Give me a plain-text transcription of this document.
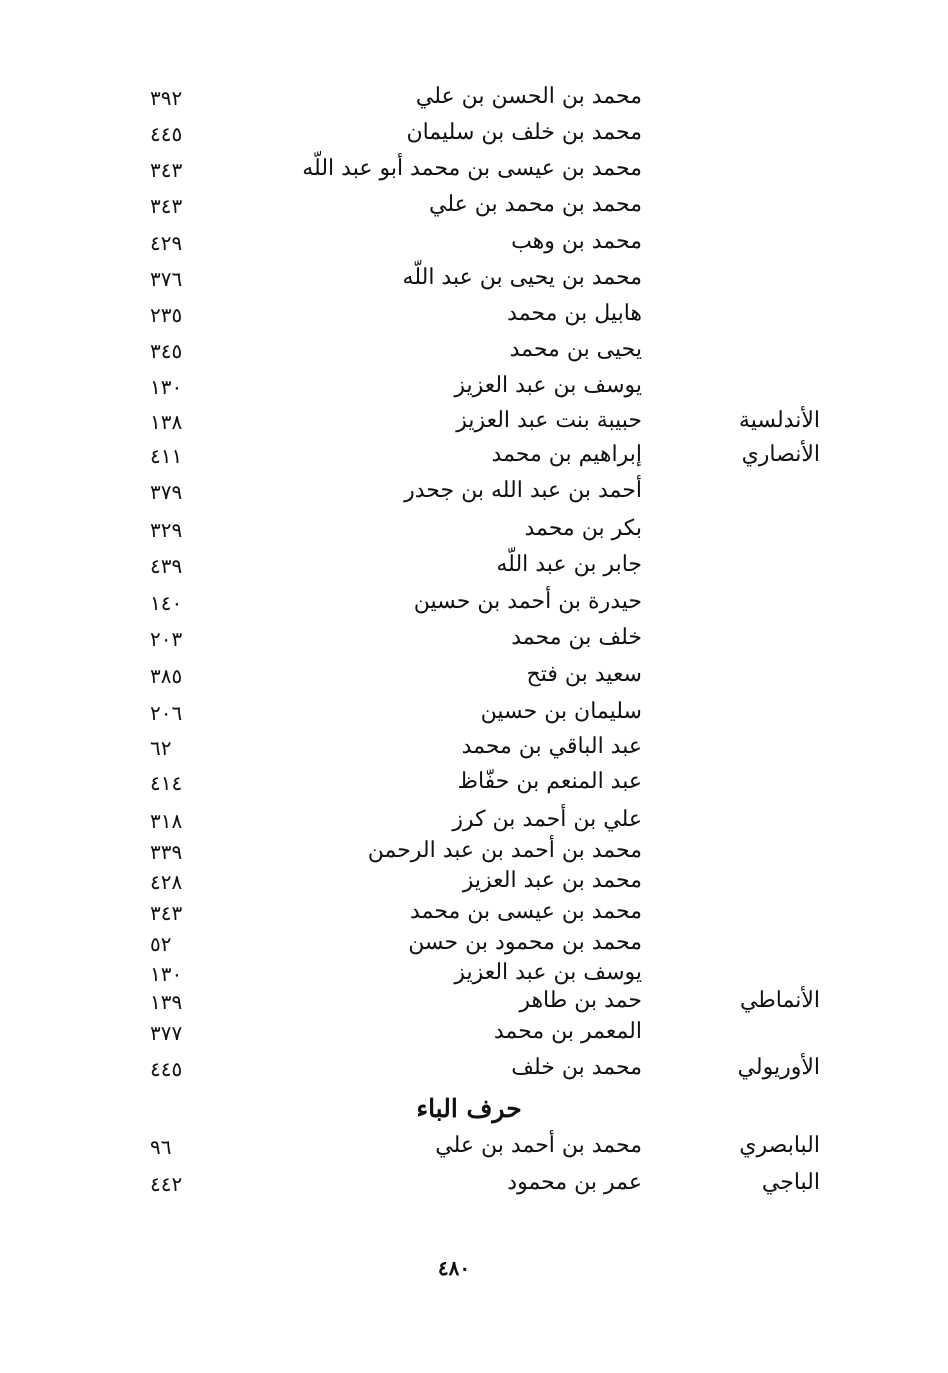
محمد بن الحسن بن علي
٣٩٢
محمد بن خلف بن سليمان
٤٤٥
محمد بن عيسى بن محمد أبو عبد اللّه
٣٤٣
محمد بن محمد بن علي
٣٤٣
محمد بن وهب
٤٢٩
محمد بن يحيى بن عبد اللّه
٣٧٦
هابيل بن محمد
٢٣٥
يحيى بن محمد
٣٤٥
يوسف بن عبد العزيز
١٣٠
الأندلسية
حبيبة بنت عبد العزيز
١٣٨
الأنصاري
إبراهيم بن محمد
٤١١
أحمد بن عبد الله بن جحدر
٣٧٩
بكر بن محمد
٣٢٩
جابر بن عبد اللّه
٤٣٩
حيدرة بن أحمد بن حسين
١٤٠
خلف بن محمد
٢٠٣
سعيد بن فتح
٣٨٥
سليمان بن حسين
٢٠٦
عبد الباقي بن محمد
٦٢
عبد المنعم بن حفّاظ
٤١٤
علي بن أحمد بن كرز
٣١٨
محمد بن أحمد بن عبد الرحمن
٣٣٩
محمد بن عبد العزيز
٤٢٨
محمد بن عيسى بن محمد
٣٤٣
محمد بن محمود بن حسن
٥٢
يوسف بن عبد العزيز
١٣٠
الأنماطي
حمد بن طاهر
١٣٩
المعمر بن محمد
٣٧٧
الأوريولي
محمد بن خلف
٤٤٥
حرف الباء
البابصري
محمد بن أحمد بن علي
٩٦
الباجي
عمر بن محمود
٤٤٢
٤٨٠
